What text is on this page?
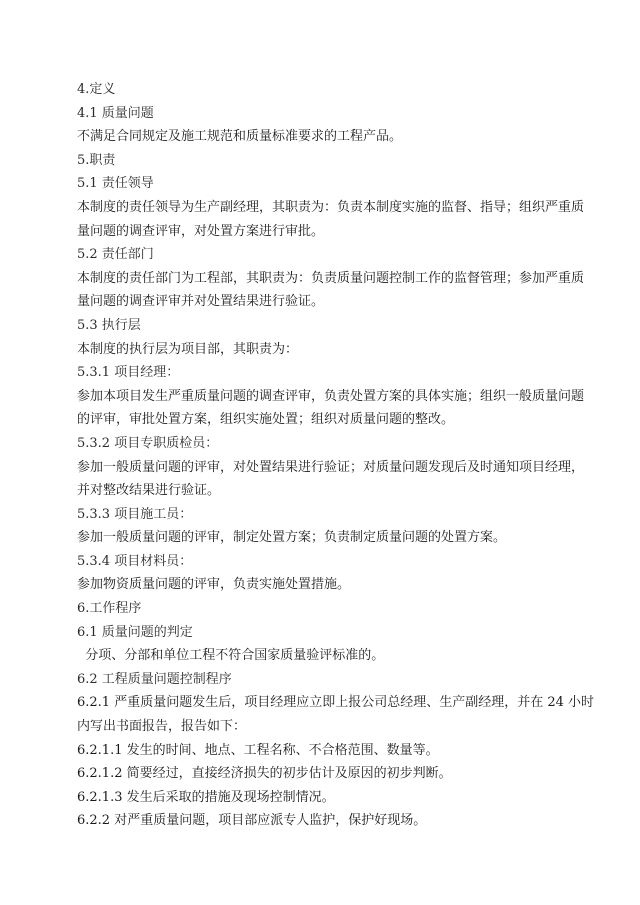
4.定义
4.1 质量问题
不满足合同规定及施工规范和质量标准要求的工程产品。
5.职责
5.1 责任领导
本制度的责任领导为生产副经理，其职责为：负责本制度实施的监督、指导；组织严重质
量问题的调查评审，对处置方案进行审批。
5.2 责任部门
本制度的责任部门为工程部，其职责为：负责质量问题控制工作的监督管理；参加严重质
量问题的调查评审并对处置结果进行验证。
5.3 执行层
本制度的执行层为项目部，其职责为：
5.3.1 项目经理：
参加本项目发生严重质量问题的调查评审，负责处置方案的具体实施；组织一般质量问题
的评审，审批处置方案，组织实施处置；组织对质量问题的整改。
5.3.2 项目专职质检员：
参加一般质量问题的评审，对处置结果进行验证；对质量问题发现后及时通知项目经理，
并对整改结果进行验证。
5.3.3 项目施工员：
参加一般质量问题的评审，制定处置方案；负责制定质量问题的处置方案。
5.3.4 项目材料员：
参加物资质量问题的评审，负责实施处置措施。
6.工作程序
6.1 质量问题的判定
分项、分部和单位工程不符合国家质量验评标准的。
6.2 工程质量问题控制程序
6.2.1 严重质量问题发生后，项目经理应立即上报公司总经理、生产副经理，并在 24 小时
内写出书面报告，报告如下：
6.2.1.1 发生的时间、地点、工程名称、不合格范围、数量等。
6.2.1.2 简要经过，直接经济损失的初步估计及原因的初步判断。
6.2.1.3 发生后采取的措施及现场控制情况。
6.2.2 对严重质量问题，项目部应派专人监护，保护好现场。
